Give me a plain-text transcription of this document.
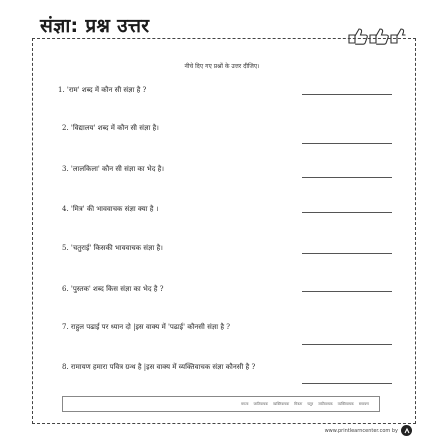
संज्ञा: प्रश्न उत्तर
नीचे दिए गए प्रश्नों के उत्तर दीजिए।
1. 'राम' शब्द में कौन सी संज्ञा है ?
2. 'विद्यालय' शब्द में कौन सी संज्ञा है।
3. 'लालकिला' कौन सी संज्ञा का भेद है।
4. 'मित्र' की भाववाचक संज्ञा क्या है ।
5. 'चतुराई' किसकी भाववाचक संज्ञा है।
6. 'पुस्तक' शब्द किस संज्ञा का भेद है ?
7. राहुल पढाई पर ध्यान दो |इस वाक्य में 'पढाई' कौनसी संज्ञा है ?
8. रामायण हमारा पवित्र ग्रन्थ है |इस वाक्य में व्यक्तिवाचक संज्ञा कौनसी है ?
ममता जातिवाचक व्यक्तिवाचक मित्रता चतुर जातिवाचक व्यक्तिवाचक रामायण
www.printlearncenter.com by
